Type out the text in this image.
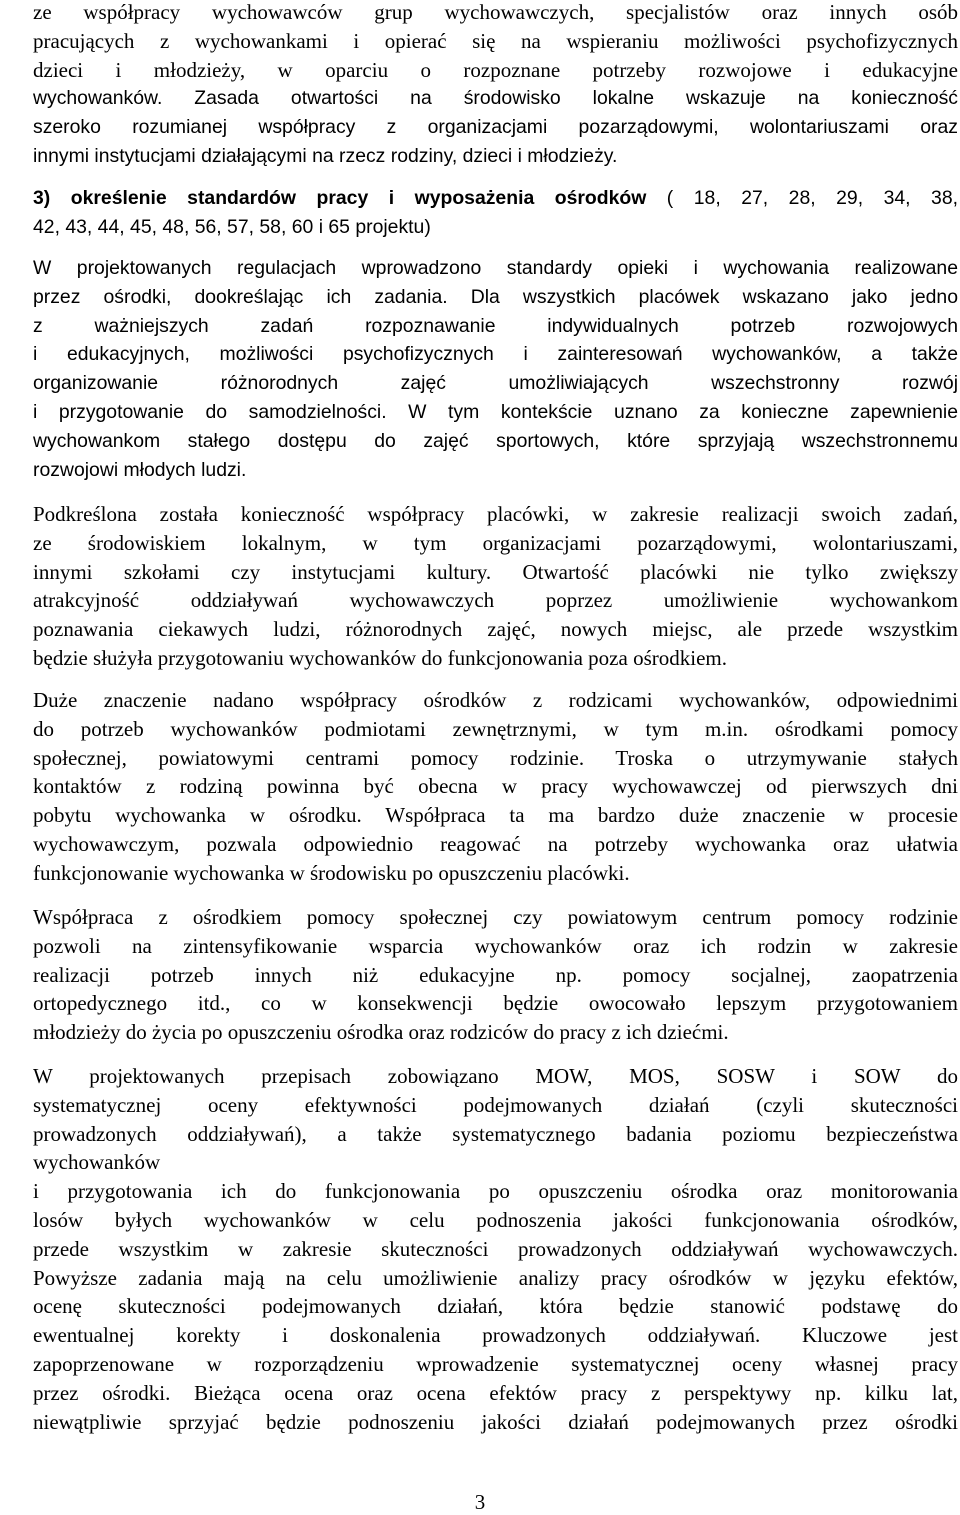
ze współpracy wychowawców grup wychowawczych, specjalistów oraz innych osób
pracujących z wychowankami i opierać się na wspieraniu możliwości psychofizycznych
dzieci i młodzieży, w oparciu o rozpoznane potrzeby rozwojowe i edukacyjne
wychowanków. Zasada otwartości na środowisko lokalne wskazuje na konieczność
szeroko rozumianej współpracy z organizacjami pozarządowymi, wolontariuszami oraz
innymi instytucjami działającymi na rzecz rodziny, dzieci i młodzieży.
3) określenie standardów pracy i wyposażenia ośrodków ( 18, 27, 28, 29, 34, 38,
42, 43, 44, 45, 48, 56, 57, 58, 60 i 65 projektu)
W projektowanych regulacjach wprowadzono standardy opieki i wychowania realizowane
przez ośrodki, dookreślając ich zadania. Dla wszystkich placówek wskazano jako jedno
z ważniejszych zadań rozpoznawanie indywidualnych potrzeb rozwojowych
i edukacyjnych, możliwości psychofizycznych i zainteresowań wychowanków, a także
organizowanie różnorodnych zajęć umożliwiających wszechstronny rozwój
i przygotowanie do samodzielności. W tym kontekście uznano za konieczne zapewnienie
wychowankom stałego dostępu do zajęć sportowych, które sprzyjają wszechstronnemu
rozwojowi młodych ludzi.
Podkreślona została konieczność współpracy placówki, w zakresie realizacji swoich zadań,
ze środowiskiem lokalnym, w tym organizacjami pozarządowymi, wolontariuszami,
innymi szkołami czy instytucjami kultury. Otwartość placówki nie tylko zwiększy
atrakcyjność oddziaływań wychowawczych poprzez umożliwienie wychowankom
poznawania ciekawych ludzi, różnorodnych zajęć, nowych miejsc, ale przede wszystkim
będzie służyła przygotowaniu wychowanków do funkcjonowania poza ośrodkiem.
Duże znaczenie nadano współpracy ośrodków z rodzicami wychowanków, odpowiednimi
do potrzeb wychowanków podmiotami zewnętrznymi, w tym m.in. ośrodkami pomocy
społecznej, powiatowymi centrami pomocy rodzinie. Troska o utrzymywanie stałych
kontaktów z rodziną powinna być obecna w pracy wychowawczej od pierwszych dni
pobytu wychowanka w ośrodku. Współpraca ta ma bardzo duże znaczenie w procesie
wychowawczym, pozwala odpowiednio reagować na potrzeby wychowanka oraz ułatwia
funkcjonowanie wychowanka w środowisku po opuszczeniu placówki.
Współpraca z ośrodkiem pomocy społecznej czy powiatowym centrum pomocy rodzinie
pozwoli na zintensyfikowanie wsparcia wychowanków oraz ich rodzin w zakresie
realizacji potrzeb innych niż edukacyjne np. pomocy socjalnej, zaopatrzenia
ortopedycznego itd., co w konsekwencji będzie owocowało lepszym przygotowaniem
młodzieży do życia po opuszczeniu ośrodka oraz rodziców do pracy z ich dziećmi.
W projektowanych przepisach zobowiązano MOW, MOS, SOSW i SOW do
systematycznej oceny efektywności podejmowanych działań (czyli skuteczności
prowadzonych oddziaływań), a także systematycznego badania poziomu bezpieczeństwa
wychowanków
i przygotowania ich do funkcjonowania po opuszczeniu ośrodka oraz monitorowania
losów byłych wychowanków w celu podnoszenia jakości funkcjonowania ośrodków,
przede wszystkim w zakresie skuteczności prowadzonych oddziaływań wychowawczych.
Powyższe zadania mają na celu umożliwienie analizy pracy ośrodków w języku efektów,
ocenę skuteczności podejmowanych działań, która będzie stanowić podstawę do
ewentualnej korekty i doskonalenia prowadzonych oddziaływań. Kluczowe jest
zapoprzenowane w rozporządzeniu wprowadzenie systematycznej oceny własnej pracy
przez ośrodki. Bieżąca ocena oraz ocena efektów pracy z perspektywy np. kilku lat,
niewątpliwie sprzyjać będzie podnoszeniu jakości działań podejmowanych przez ośrodki
3
